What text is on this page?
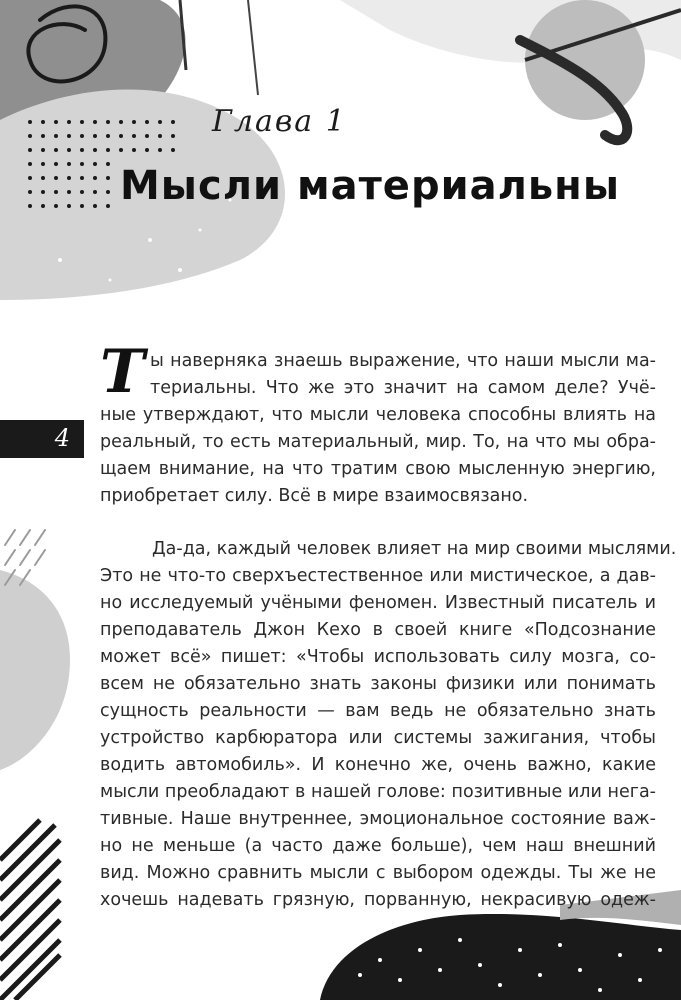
Глава 1
Мысли материальны
4
Т ы наверняка знаешь выражение, что наши мысли ма-
териальны. Что же это значит на самом деле? Учё-
ные утверждают, что мысли человека способны влиять на
реальный, то есть материальный, мир. То, на что мы обра-
щаем внимание, на что тратим свою мысленную энергию,
приобретает силу. Всё в мире взаимосвязано.
Да-да, каждый человек влияет на мир своими мыслями.
Это не что-то сверхъестественное или мистическое, а дав-
но исследуемый учёными феномен. Известный писатель и
преподаватель Джон Кехо в своей книге «Подсознание
может всё» пишет: «Чтобы использовать силу мозга, со-
всем не обязательно знать законы физики или понимать
сущность реальности — вам ведь не обязательно знать
устройство карбюратора или системы зажигания, чтобы
водить автомобиль». И конечно же, очень важно, какие
мысли преобладают в нашей голове: позитивные или нега-
тивные. Наше внутреннее, эмоциональное состояние важ-
но не меньше (а часто даже больше), чем наш внешний
вид. Можно сравнить мысли с выбором одежды. Ты же не
хочешь надевать грязную, порванную, некрасивую одеж-
